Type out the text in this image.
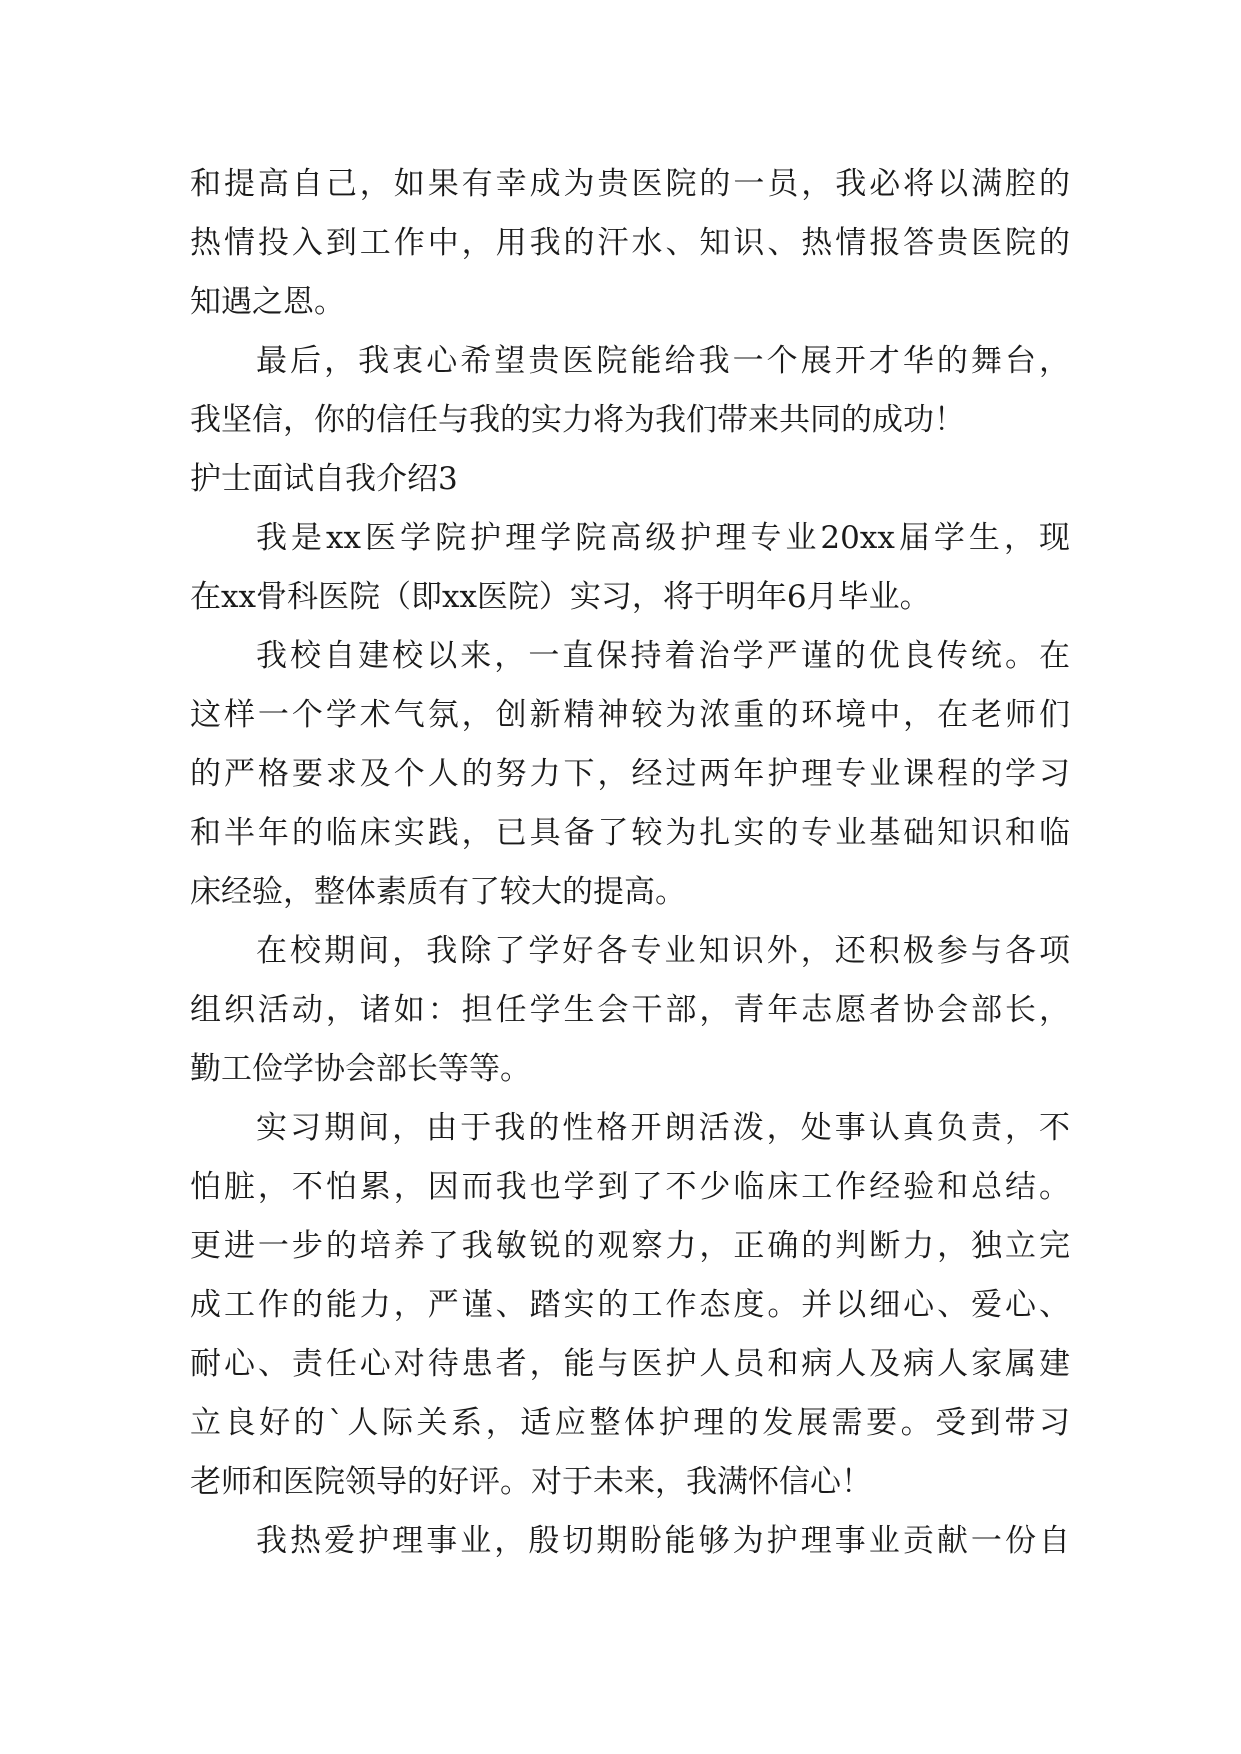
和提高自己，如果有幸成为贵医院的一员，我必将以满腔的
热情投入到工作中，用我的汗水、知识、热情报答贵医院的
知遇之恩。
最后，我衷心希望贵医院能给我一个展开才华的舞台，
我坚信，你的信任与我的实力将为我们带来共同的成功！
护士面试自我介绍3
我是xx医学院护理学院高级护理专业20xx届学生，现
在xx骨科医院（即xx医院）实习，将于明年6月毕业。
我校自建校以来，一直保持着治学严谨的优良传统。在
这样一个学术气氛，创新精神较为浓重的环境中，在老师们
的严格要求及个人的努力下，经过两年护理专业课程的学习
和半年的临床实践，已具备了较为扎实的专业基础知识和临
床经验，整体素质有了较大的提高。
在校期间，我除了学好各专业知识外，还积极参与各项
组织活动，诸如：担任学生会干部，青年志愿者协会部长，
勤工俭学协会部长等等。
实习期间，由于我的性格开朗活泼，处事认真负责，不
怕脏，不怕累，因而我也学到了不少临床工作经验和总结。
更进一步的培养了我敏锐的观察力，正确的判断力，独立完
成工作的能力，严谨、踏实的工作态度。并以细心、爱心、
耐心、责任心对待患者，能与医护人员和病人及病人家属建
立良好的`人际关系，适应整体护理的发展需要。受到带习
老师和医院领导的好评。对于未来，我满怀信心！
我热爱护理事业，殷切期盼能够为护理事业贡献一份自
